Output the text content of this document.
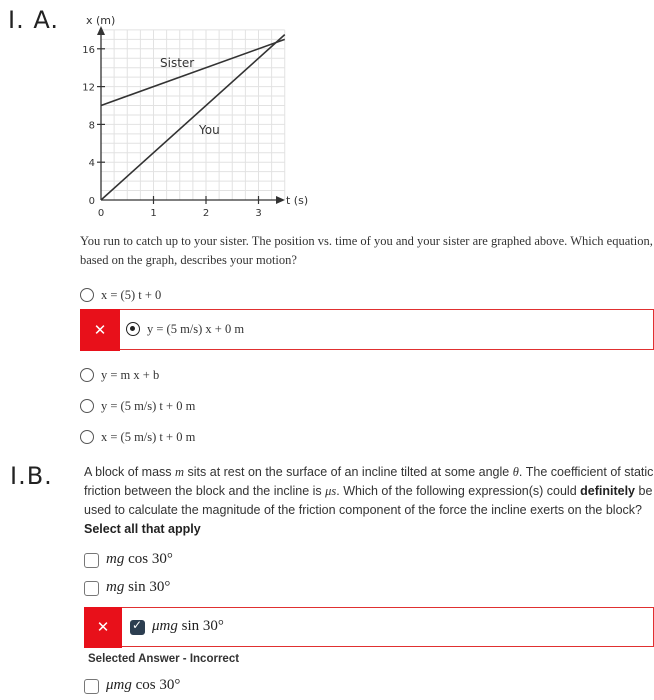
I. A.
I.B.
16
12
8
4
0
0	1	2	3
x (m)
t (s)
Sister
You
You run to catch up to your sister. The position vs. time of you and your sister are graphed above. Which equation, based on the graph, describes your motion?
x = (5) t + 0
✕	y = (5 m/s) x + 0 m
y = m x + b
y = (5 m/s) t + 0 m
x = (5 m/s) t + 0 m
A block of mass m sits at rest on the surface of an incline tilted at some angle θ. The coefficient of static friction between the block and the incline is μs. Which of the following expression(s) could definitely be used to calculate the magnitude of the friction component of the force the incline exerts on the block? Select all that apply
mg cos 30°
mg sin 30°
✕
✓	μmg sin 30°
Selected Answer - Incorrect
μmg cos 30°
